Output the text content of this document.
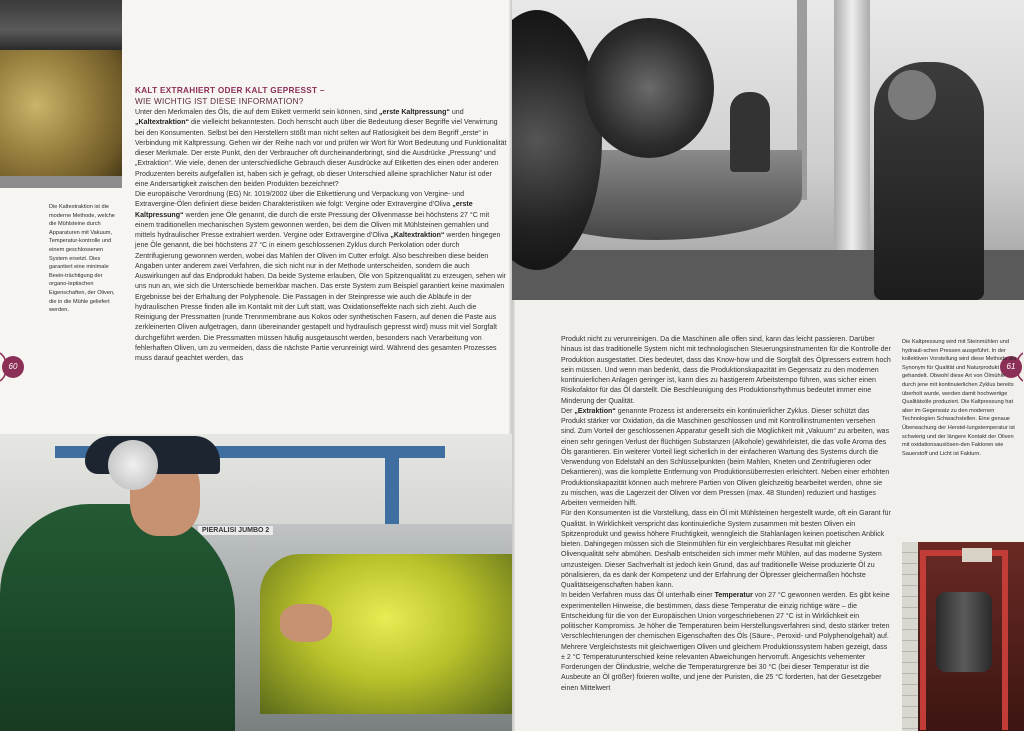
Die Kaltextraktion ist die moderne Methode, welche die Mühlsteine durch Apparaturen mit Vakuum, Temperatur-kontrolle und einem geschlossenen System ersetzt. Dies garantiert eine minimale Beein-trächtigung der organo-leptischen Eigenschaften, der Oliven, die in die Mühle geliefert werden.
KALT EXTRAHIERT ODER KALT GEPRESST –
WIE WICHTIG IST DIESE INFORMATION?

Unter den Merkmalen des Öls, die auf dem Etikett vermerkt sein können, sind „erste Kaltpressung“ und „Kaltextraktion“ die vielleicht bekanntesten. Doch herrscht auch über die Bedeutung dieser Begriffe viel Verwirrung bei den Konsumenten. Selbst bei den Herstellern stößt man nicht selten auf Ratlosigkeit bei dem Begriff „erste“ in Verbindung mit Kaltpressung. Gehen wir der Reihe nach vor und prüfen wir Wort für Wort Bedeutung und Funktionalität dieser Merkmale. Der erste Punkt, den der Verbraucher oft durcheinanderbringt, sind die Ausdrücke „Pressung“ und „Extraktion“. Wie viele, denen der unterschiedliche Gebrauch dieser Ausdrücke auf Etiketten des einen oder anderen Produzenten bereits aufgefallen ist, haben sich je gefragt, ob dieser Unterschied alleine sprachlicher Natur ist oder eine Andersartigkeit zwischen den beiden Produkten bezeichnet?

Die europäische Verordnung (EG) Nr. 1019/2002 über die Etikettierung und Verpackung von Vergine- und Extravergine-Ölen definiert diese beiden Charakteristiken wie folgt: Vergine oder Extravergine d’Oliva „erste Kaltpressung“ werden jene Öle genannt, die durch die erste Pressung der Olivenmasse bei höchstens 27 °C mit einem traditionellen mechanischen System gewonnen werden, bei dem die Oliven mit Mühlsteinen gemahlen und mittels hydraulischer Presse extrahiert werden. Vergine oder Extravergine d’Oliva „Kaltextraktion“ werden hingegen jene Öle genannt, die bei höchstens 27 °C in einem geschlossenen Zyklus durch Perkolation oder durch Zentrifugierung gewonnen werden, wobei das Mahlen der Oliven im Cutter erfolgt. Also beschreiben diese beiden Angaben unter anderem zwei Verfahren, die sich nicht nur in der Methode unterscheiden, sondern die auch Auswirkungen auf das Endprodukt haben. Da beide Systeme erlauben, Öle von Spitzenqualität zu erzeugen, sehen wir uns nun an, wie sich die Unterschiede bemerkbar machen. Das erste System zum Beispiel garantiert keine maximalen Ergebnisse bei der Erhaltung der Polyphenole. Die Passagen in der Steinpresse wie auch die Abläufe in der hydraulischen Presse finden alle im Kontakt mit der Luft statt, was Oxidationseffekte nach sich zieht. Auch die Reinigung der Pressmatten (runde Trennmembrane aus Kokos oder synthetischen Fasern, auf denen die Paste aus zerkleinerten Oliven aufgetragen, dann übereinander gestapelt und hydraulisch gepresst wird) muss mit viel Sorgfalt durchgeführt werden. Die Pressmatten müssen häufig ausgetauscht werden, besonders nach Verarbeitung von fehlerhaften Oliven, um zu vermeiden, dass die nächste Partie verunreinigt wird. Während des gesamten Prozesses muss darauf geachtet werden, das

60	61
PIERALISI JUMBO 2

Produkt nicht zu verunreinigen. Da die Maschinen alle offen sind, kann das leicht passieren. Darüber hinaus ist das traditionelle System nicht mit technologischen Steuerungsinstrumenten für die Kontrolle der Produktion ausgestattet. Dies bedeutet, dass das Know-how und die Sorgfalt des Ölpressers extrem hoch sein müssen. Und wenn man bedenkt, dass die Produktionskapazität im Gegensatz zu den modernen kontinuierlichen Anlagen geringer ist, kann dies zu hastigerem Arbeitstempo führen, was sicher einen Risikofaktor für das Öl darstellt. Die Beschleunigung des Produktionsrhythmus bedeutet immer eine Minderung der Qualität.

Der „Extraktion“ genannte Prozess ist andererseits ein kontinuierlicher Zyklus. Dieser schützt das Produkt stärker vor Oxidation, da die Maschinen geschlossen und mit Kontrollinstrumenten versehen sind. Zum Vorteil der geschlossenen Apparatur gesellt sich die Möglichkeit mit „Vakuum“ zu arbeiten, was einen sehr geringen Verlust der flüchtigen Substanzen (Alkohole) gewährleistet, die das volle Aroma des Öls garantieren. Ein weiterer Vorteil liegt sicherlich in der einfacheren Wartung des Systems durch die Verwendung von Edelstahl an den Schlüsselpunkten (beim Mahlen, Kneten und Zentrifugieren oder Dekantieren), was die komplette Entfernung von Produktionsüberresten erleichtert. Neben einer erhöhten Produktionskapazität können auch mehrere Partien von Oliven gleichzeitig bearbeitet werden, ohne sie zu mischen, was die Lagerzeit der Oliven vor dem Pressen (max. 48 Stunden) reduziert und hastiges Arbeiten vermeiden hilft.

Für den Konsumenten ist die Vorstellung, dass ein Öl mit Mühlsteinen hergestellt wurde, oft ein Garant für Qualität. In Wirklichkeit verspricht das kontinuierliche System zusammen mit besten Oliven ein Spitzenprodukt und gewiss höhere Fruchtigkeit, wenngleich die Stahlanlagen keinen poetischen Anblick bieten. Dahingegen müssen sich die Steinmühlen für ein vergleichbares Resultat mit gleicher Olivenqualität sehr abmühen. Deshalb entscheiden sich immer mehr Mühlen, auf das moderne System umzusteigen. Dieser Sachverhalt ist jedoch kein Grund, das auf traditionelle Weise produzierte Öl zu pönalisieren, da es dank der Kompetenz und der Erfahrung der Ölpresser gleichermaßen höchste Qualitätseigenschaften haben kann.

In beiden Verfahren muss das Öl unterhalb einer Temperatur von 27 °C gewonnen werden. Es gibt keine experimentellen Hinweise, die bestimmen, dass diese Temperatur die einzig richtige wäre – die Entscheidung für die von der Europäischen Union vorgeschriebenen 27 °C ist in Wirklichkeit ein politischer Kompromiss. Je höher die Temperaturen beim Herstellungsverfahren sind, desto stärker treten Verschlechterungen der chemischen Eigenschaften des Öls (Säure-, Peroxid- und Polyphenolgehalt) auf. Mehrere Vergleichstests mit gleichwertigen Oliven und gleichem Produktionssystem haben gezeigt, dass ± 2 °C Temperaturunterschied keine relevanten Abweichungen hervorruft. Angesichts vehementer Forderungen der Ölindustrie, welche die Temperaturgrenze bei 30 °C (bei dieser Temperatur ist die Ausbeute an Öl größer) fixieren wollte, und jene der Puristen, die 25 °C forderten, hat der Gesetzgeber einen Mittelwert

Die Kaltpressung wird mit Steinmühlen und hydrauli-schen Pressen ausgeführt. In der kollektiven Vorstellung wird diese Methode als Synonym für Qualität und Naturprodukt gehandelt. Obwohl diese Art von Ölmühle durch jene mit kontinuierlichen Zyklus bereits überholt wurde, werden damit hochwertige Qualitätsöle produziert. Die Kaltpressung hat aber im Gegensatz zu den modernen Technologien Schwachstellen. Eine genaue Überwachung der Herstel-lungstemperatur ist schwierig und der längere Kontakt der Oliven mit oxidationsauslösen-den Faktoren wie Sauerstoff und Licht ist Fakturn.
